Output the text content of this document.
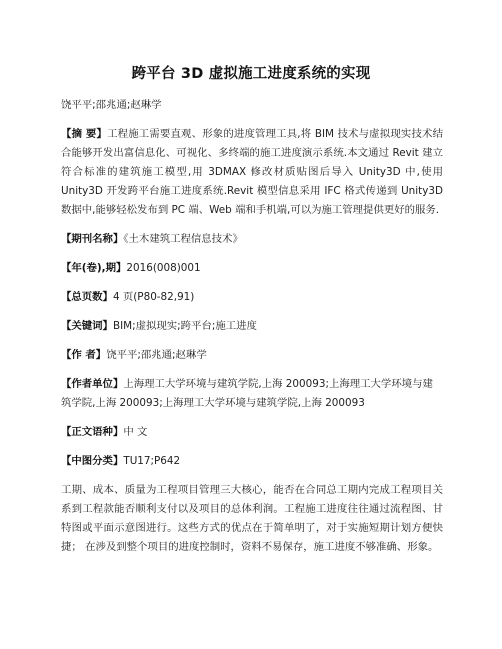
跨平台 3D 虚拟施工进度系统的实现

饶平平;邵兆通;赵琳学

【摘 要】工程施工需要直观、形象的进度管理工具,将 BIM 技术与虚拟现实技术结合能够开发出富信息化、可视化、多终端的施工进度演示系统.本文通过 Revit 建立符合标准的建筑施工模型,用 3DMAX 修改材质贴图后导入 Unity3D 中,使用 Unity3D 开发跨平台施工进度系统.Revit 模型信息采用 IFC 格式传递到 Unity3D 数据中,能够轻松发布到 PC 端、Web 端和手机端,可以为施工管理提供更好的服务.

【期刊名称】《土木建筑工程信息技术》

【年(卷),期】2016(008)001

【总页数】4 页(P80-82,91)

【关键词】BIM;虚拟现实;跨平台;施工进度

【作 者】饶平平;邵兆通;赵琳学

【作者单位】上海理工大学环境与建筑学院,上海 200093;上海理工大学环境与建筑学院,上海 200093;上海理工大学环境与建筑学院,上海 200093

【正文语种】中 文

【中图分类】TU17;P642

工期、成本、质量为工程项目管理三大核心，能否在合同总工期内完成工程项目关系到工程款能否顺利支付以及项目的总体利润。工程施工进度往往通过流程图、甘特图或平面示意图进行。这些方式的优点在于简单明了，对于实施短期计划方便快捷； 在涉及到整个项目的进度控制时，资料不易保存，施工进度不够准确、形象。
